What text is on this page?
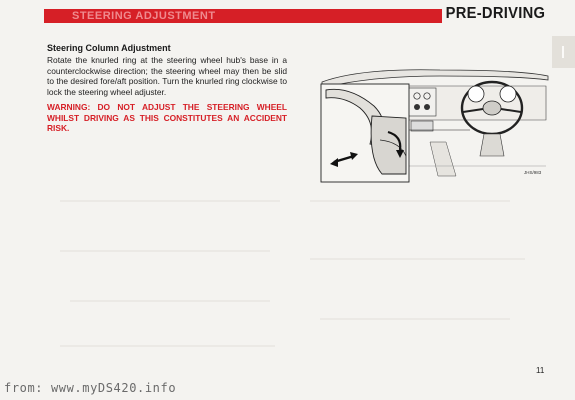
STEERING ADJUSTMENT	PRE-DRIVING
Steering Column Adjustment
Rotate the knurled ring at the steering wheel hub's base in a counterclockwise direction; the steering wheel may then be slid to the desired fore/aft position. Turn the knurled ring clockwise to lock the steering wheel adjuster.
WARNING: DO NOT ADJUST THE STEERING WHEEL WHILST DRIVING AS THIS CONSTITUTES AN ACCIDENT RISK.
JHS/983
11
from: www.myDS420.info
